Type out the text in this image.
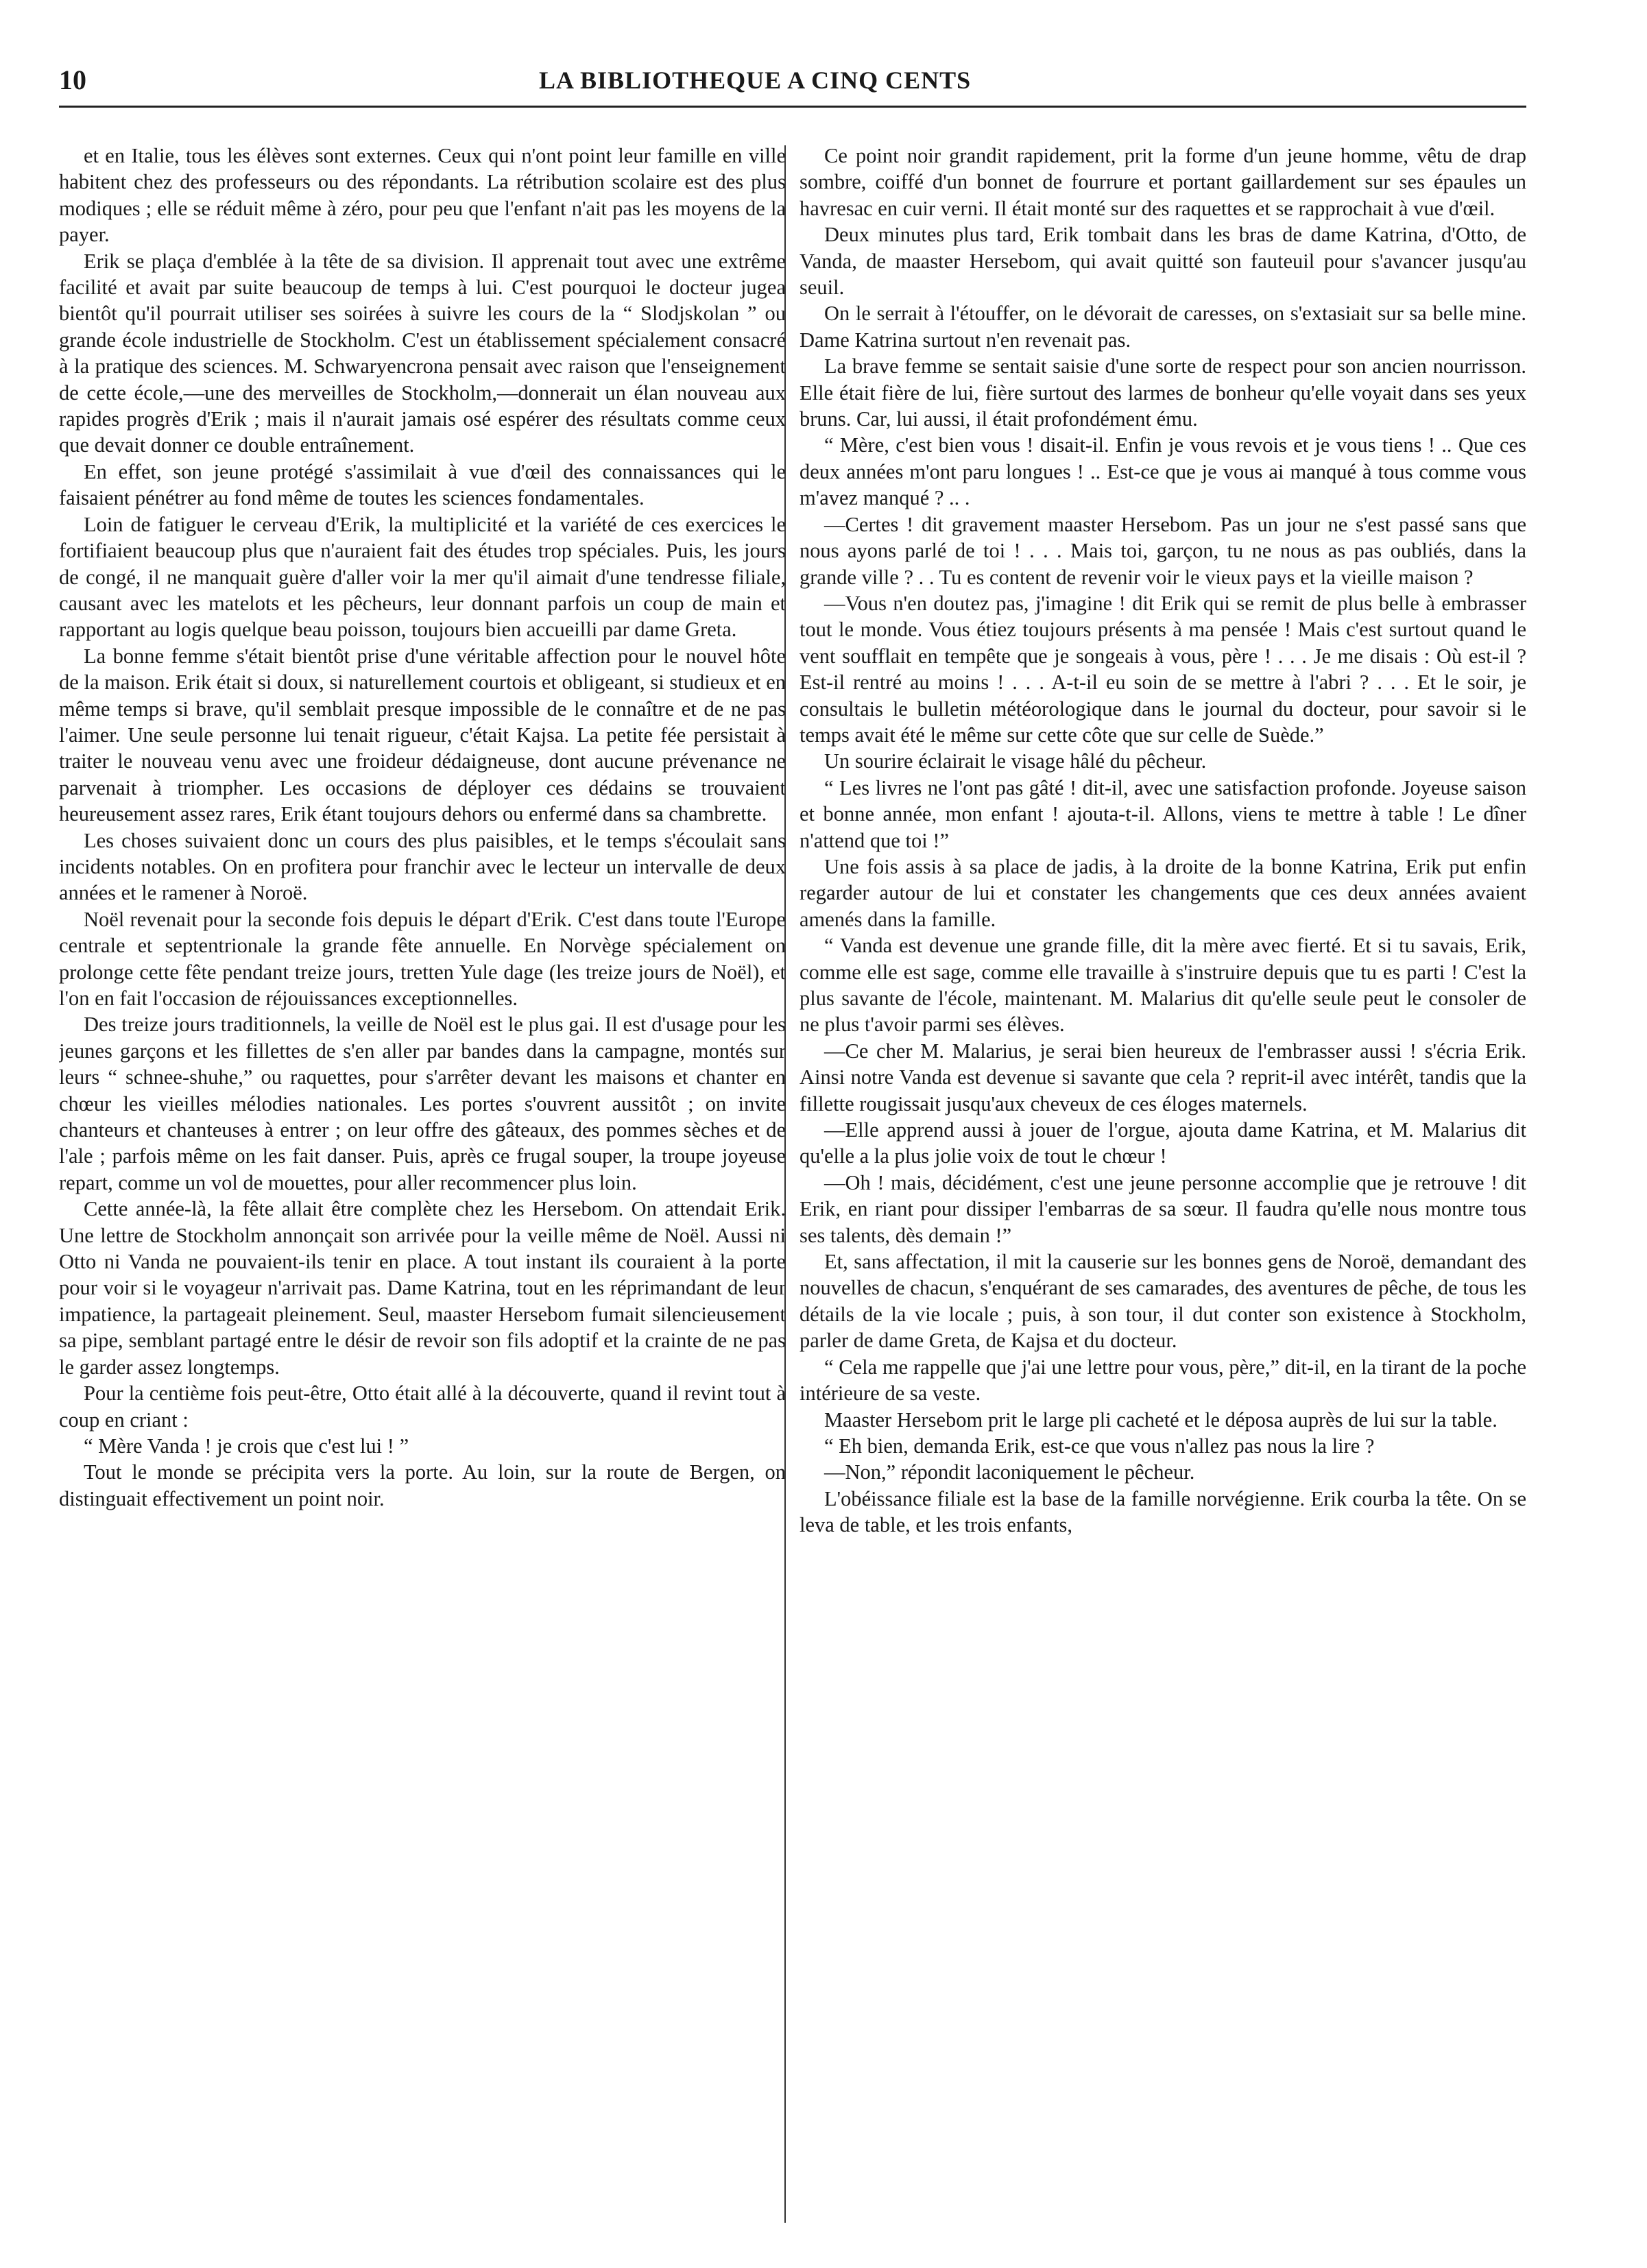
10	LA BIBLIOTHEQUE A CINQ CENTS

et en Italie, tous les élèves sont externes. Ceux qui n'ont point leur famille en ville habitent chez des professeurs ou des répondants. La rétribution scolaire est des plus modiques ; elle se réduit même à zéro, pour peu que l'enfant n'ait pas les moyens de la payer.

Erik se plaça d'emblée à la tête de sa division. Il apprenait tout avec une extrême facilité et avait par suite beaucoup de temps à lui. C'est pourquoi le docteur jugea bientôt qu'il pourrait utiliser ses soirées à suivre les cours de la “ Slodjskolan ” ou grande école industrielle de Stockholm. C'est un établissement spécialement consacré à la pratique des sciences. M. Schwaryencrona pensait avec raison que l'enseignement de cette école,—une des merveilles de Stockholm,—donnerait un élan nouveau aux rapides progrès d'Erik ; mais il n'aurait jamais osé espérer des résultats comme ceux que devait donner ce double entraînement.

En effet, son jeune protégé s'assimilait à vue d'œil des connaissances qui le faisaient pénétrer au fond même de toutes les sciences fondamentales.

Loin de fatiguer le cerveau d'Erik, la multiplicité et la variété de ces exercices le fortifiaient beaucoup plus que n'auraient fait des études trop spéciales. Puis, les jours de congé, il ne manquait guère d'aller voir la mer qu'il aimait d'une tendresse filiale, causant avec les matelots et les pêcheurs, leur donnant parfois un coup de main et rapportant au logis quelque beau poisson, toujours bien accueilli par dame Greta.

La bonne femme s'était bientôt prise d'une véritable affection pour le nouvel hôte de la maison. Erik était si doux, si naturellement courtois et obligeant, si studieux et en même temps si brave, qu'il semblait presque impossible de le connaître et de ne pas l'aimer. Une seule personne lui tenait rigueur, c'était Kajsa. La petite fée persistait à traiter le nouveau venu avec une froideur dédaigneuse, dont aucune prévenance ne parvenait à triompher. Les occasions de déployer ces dédains se trouvaient heureusement assez rares, Erik étant toujours dehors ou enfermé dans sa chambrette.

Les choses suivaient donc un cours des plus paisibles, et le temps s'écoulait sans incidents notables. On en profitera pour franchir avec le lecteur un intervalle de deux années et le ramener à Noroë.

Noël revenait pour la seconde fois depuis le départ d'Erik. C'est dans toute l'Europe centrale et septentrionale la grande fête annuelle. En Norvège spécialement on prolonge cette fête pendant treize jours, tretten Yule dage (les treize jours de Noël), et l'on en fait l'occasion de réjouissances exceptionnelles.

Des treize jours traditionnels, la veille de Noël est le plus gai. Il est d'usage pour les jeunes garçons et les fillettes de s'en aller par bandes dans la campagne, montés sur leurs “ schnee-shuhe,” ou raquettes, pour s'arrêter devant les maisons et chanter en chœur les vieilles mélodies nationales. Les portes s'ouvrent aussitôt ; on invite chanteurs et chanteuses à entrer ; on leur offre des gâteaux, des pommes sèches et de l'ale ; parfois même on les fait danser. Puis, après ce frugal souper, la troupe joyeuse repart, comme un vol de mouettes, pour aller recommencer plus loin.

Cette année-là, la fête allait être complète chez les Hersebom. On attendait Erik. Une lettre de Stockholm annonçait son arrivée pour la veille même de Noël. Aussi ni Otto ni Vanda ne pouvaient-ils tenir en place. A tout instant ils couraient à la porte pour voir si le voyageur n'arrivait pas. Dame Katrina, tout en les réprimandant de leur impatience, la partageait pleinement. Seul, maaster Hersebom fumait silencieusement sa pipe, semblant partagé entre le désir de revoir son fils adoptif et la crainte de ne pas le garder assez longtemps.

Pour la centième fois peut-être, Otto était allé à la découverte, quand il revint tout à coup en criant :

“ Mère Vanda ! je crois que c'est lui ! ”

Tout le monde se précipita vers la porte. Au loin, sur la route de Bergen, on distinguait effectivement un point noir.

Ce point noir grandit rapidement, prit la forme d'un jeune homme, vêtu de drap sombre, coiffé d'un bonnet de fourrure et portant gaillardement sur ses épaules un havresac en cuir verni. Il était monté sur des raquettes et se rapprochait à vue d'œil.

Deux minutes plus tard, Erik tombait dans les bras de dame Katrina, d'Otto, de Vanda, de maaster Hersebom, qui avait quitté son fauteuil pour s'avancer jusqu'au seuil.

On le serrait à l'étouffer, on le dévorait de caresses, on s'extasiait sur sa belle mine. Dame Katrina surtout n'en revenait pas.

La brave femme se sentait saisie d'une sorte de respect pour son ancien nourrisson. Elle était fière de lui, fière surtout des larmes de bonheur qu'elle voyait dans ses yeux bruns. Car, lui aussi, il était profondément ému.

“ Mère, c'est bien vous ! disait-il. Enfin je vous revois et je vous tiens ! .. Que ces deux années m'ont paru longues ! .. Est-ce que je vous ai manqué à tous comme vous m'avez manqué ? .. .

—Certes ! dit gravement maaster Hersebom. Pas un jour ne s'est passé sans que nous ayons parlé de toi ! . . . Mais toi, garçon, tu ne nous as pas oubliés, dans la grande ville ? . . Tu es content de revenir voir le vieux pays et la vieille maison ?

—Vous n'en doutez pas, j'imagine ! dit Erik qui se remit de plus belle à embrasser tout le monde. Vous étiez toujours présents à ma pensée ! Mais c'est surtout quand le vent soufflait en tempête que je songeais à vous, père ! . . . Je me disais : Où est-il ? Est-il rentré au moins ! . . . A-t-il eu soin de se mettre à l'abri ? . . . Et le soir, je consultais le bulletin météorologique dans le journal du docteur, pour savoir si le temps avait été le même sur cette côte que sur celle de Suède.”

Un sourire éclairait le visage hâlé du pêcheur.

“ Les livres ne l'ont pas gâté ! dit-il, avec une satisfaction profonde. Joyeuse saison et bonne année, mon enfant ! ajouta-t-il. Allons, viens te mettre à table ! Le dîner n'attend que toi !”

Une fois assis à sa place de jadis, à la droite de la bonne Katrina, Erik put enfin regarder autour de lui et constater les changements que ces deux années avaient amenés dans la famille.

“ Vanda est devenue une grande fille, dit la mère avec fierté. Et si tu savais, Erik, comme elle est sage, comme elle travaille à s'instruire depuis que tu es parti ! C'est la plus savante de l'école, maintenant. M. Malarius dit qu'elle seule peut le consoler de ne plus t'avoir parmi ses élèves.

—Ce cher M. Malarius, je serai bien heureux de l'embrasser aussi ! s'écria Erik. Ainsi notre Vanda est devenue si savante que cela ? reprit-il avec intérêt, tandis que la fillette rougissait jusqu'aux cheveux de ces éloges maternels.

—Elle apprend aussi à jouer de l'orgue, ajouta dame Katrina, et M. Malarius dit qu'elle a la plus jolie voix de tout le chœur !

—Oh ! mais, décidément, c'est une jeune personne accomplie que je retrouve ! dit Erik, en riant pour dissiper l'embarras de sa sœur. Il faudra qu'elle nous montre tous ses talents, dès demain !”

Et, sans affectation, il mit la causerie sur les bonnes gens de Noroë, demandant des nouvelles de chacun, s'enquérant de ses camarades, des aventures de pêche, de tous les détails de la vie locale ; puis, à son tour, il dut conter son existence à Stockholm, parler de dame Greta, de Kajsa et du docteur.

“ Cela me rappelle que j'ai une lettre pour vous, père,” dit-il, en la tirant de la poche intérieure de sa veste.

Maaster Hersebom prit le large pli cacheté et le déposa auprès de lui sur la table.

“ Eh bien, demanda Erik, est-ce que vous n'allez pas nous la lire ?

—Non,” répondit laconiquement le pêcheur.

L'obéissance filiale est la base de la famille norvégienne. Erik courba la tête. On se leva de table, et les trois enfants,
